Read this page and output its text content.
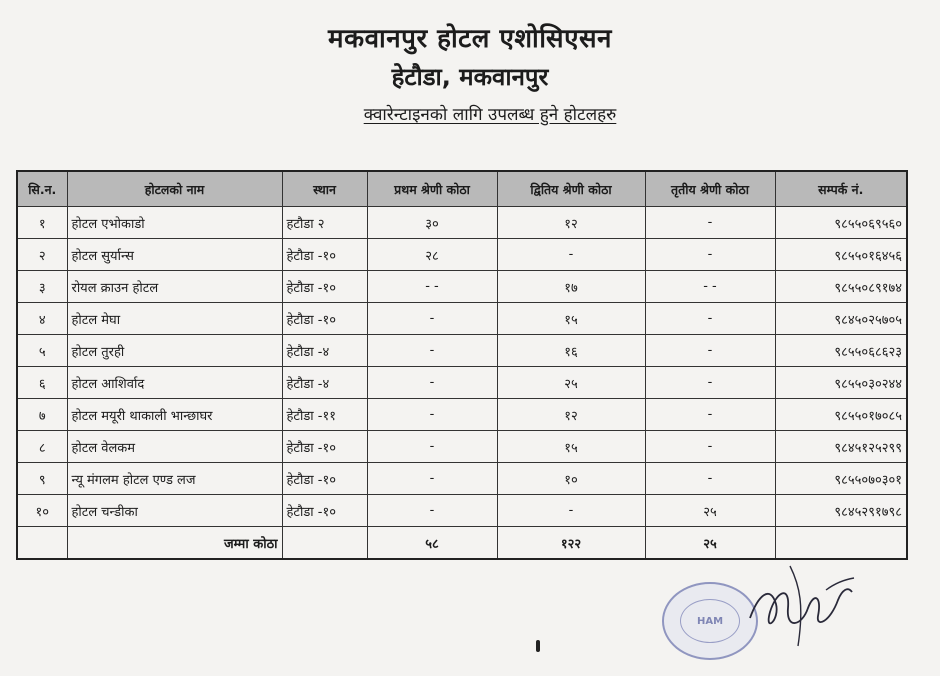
मकवानपुर होटल एशोसिएसन
हेटौडा, मकवानपुर
क्वारेन्टाइनको लागि उपलब्ध हुने होटलहरु
सि.न.	होटलको नाम	स्थान	प्रथम श्रेणी कोठा	द्वितिय श्रेणी कोठा	तृतीय श्रेणी कोठा	सम्पर्क नं.
१	होटल एभोकाडो	हटौडा २	३०	१२	-	९८५५०६९५६०
२	होटल सुर्यान्स	हेटौडा -१०	२८	-	-	९८५५०१६४५६
३	रोयल क्राउन होटल	हेटौडा -१०	- -	१७	- -	९८५५०८९१७४
४	होटल मेघा	हेटौडा -१०	-	१५	-	९८४५०२५७०५
५	होटल तुरही	हेटौडा -४	-	१६	-	९८५५०६८६२३
६	होटल आशिर्वाद	हेटौडा -४	-	२५	-	९८५५०३०२४४
७	होटल मयूरी थाकाली भान्छाघर	हेटौडा -११	-	१२	-	९८५५०१७०८५
८	होटल वेलकम	हेटौडा -१०	-	१५	-	९८४५१२५२९९
९	न्यू मंगलम होटल एण्ड लज	हेटौडा -१०	-	१०	-	९८५५०७०३०१
१०	होटल चन्डीका	हेटौडा -१०	-	-	२५	९८४५२९१७९८
	जम्मा कोठा		५८	१२२	२५	
HAM
